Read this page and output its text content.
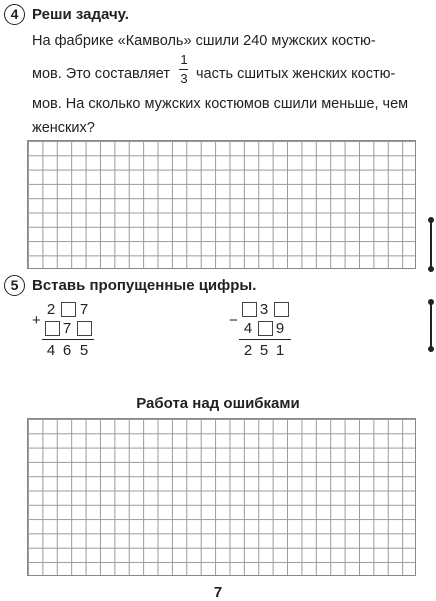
4 Реши задачу.
На фабрике «Камволь» сшили 240 мужских костю-
мов. Это составляет
1
3 часть сшитых женских костю-
мов. На сколько мужских костюмов сшили меньше, чем
женских?
5 Вставь пропущенные цифры.
+
2 7
7
4 6 5
−
3
4 9
2 5 1
Работа над ошибками
7
